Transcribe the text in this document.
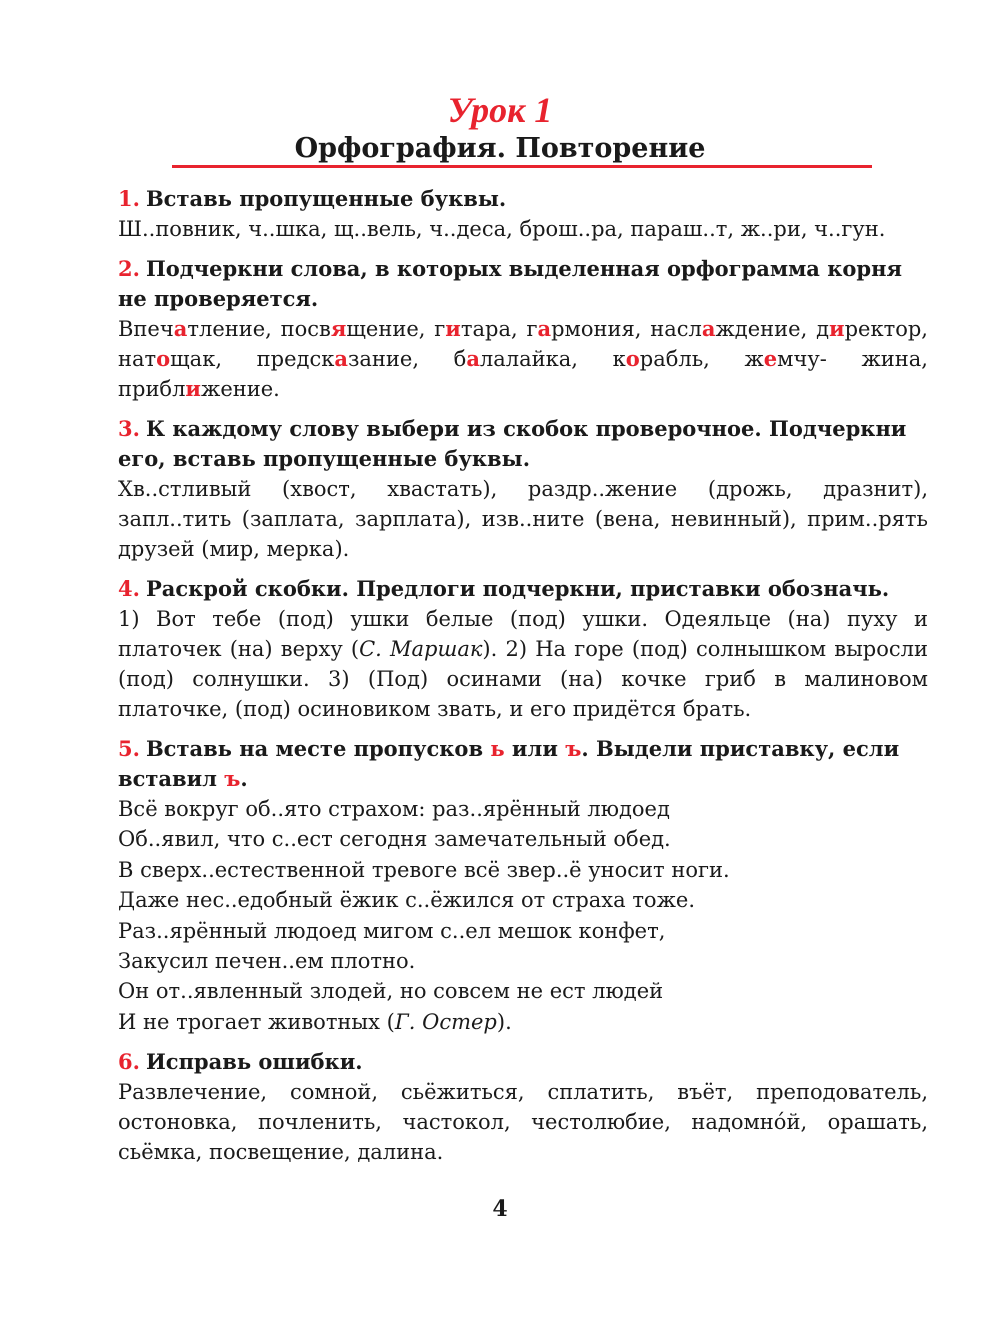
Урок 1
Орфография. Повторение
1. Вставь пропущенные буквы.
Ш..повник, ч..шка, щ..вель, ч..деса, брош..ра, параш..т, ж..ри, ч..гун.
2. Подчеркни слова, в которых выделенная орфограмма корня не проверяется.
Впечатление, посвящение, гитара, гармония, наслаждение, директор, натощак, предсказание, балалайка, корабль, жемчу- жина, приближение.
3. К каждому слову выбери из скобок проверочное. Подчеркни его, вставь пропущенные буквы.
Хв..стливый (хвост, хвастать), раздр..жение (дрожь, дразнит), запл..тить (заплата, зарплата), изв..ните (вена, невинный), прим..рять друзей (мир, мерка).
4. Раскрой скобки. Предлоги подчеркни, приставки обозначь.
1) Вот тебе (под) ушки белые (под) ушки. Одеяльце (на) пуху и платочек (на) верху (С. Маршак). 2) На горе (под) солнышком выросли (под) солнушки. 3) (Под) осинами (на) кочке гриб в малиновом платочке, (под) осиновиком звать, и его придётся брать.
5. Вставь на месте пропусков ь или ъ. Выдели приставку, если вставил ъ.
Всё вокруг об..ято страхом: раз..ярённый людоед
Об..явил, что с..ест сегодня замечательный обед.
В сверх..естественной тревоге всё звер..ё уносит ноги.
Даже нес..едобный ёжик с..ёжился от страха тоже.
Раз..ярённый людоед мигом с..ел мешок конфет,
Закусил печен..ем плотно.
Он от..явленный злодей, но совсем не ест людей
И не трогает животных (Г. Остер).
6. Исправь ошибки.
Развлечение, сомной, сьёжиться, сплатить, въёт, преподователь, остоновка, почленить, частокол, честолюбие, надомнóй, орашать, сьёмка, посвещение, далина.
4
